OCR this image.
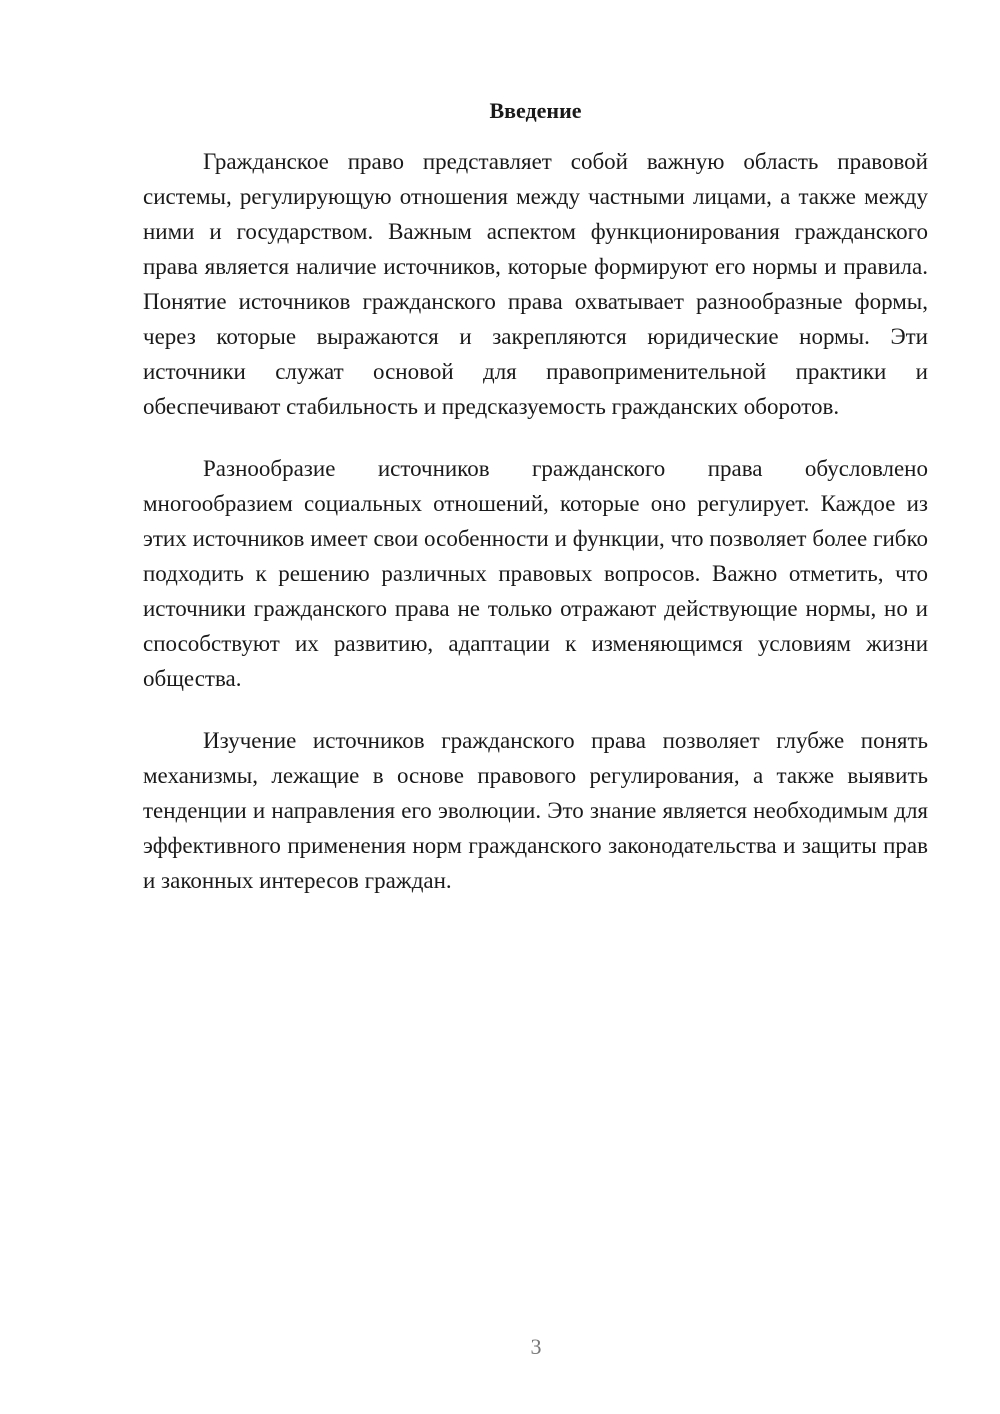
Введение

Гражданское право представляет собой важную область правовой системы, регулирующую отношения между частными лицами, а также между ними и государством. Важным аспектом функционирования гражданского права является наличие источников, которые формируют его нормы и правила. Понятие источников гражданского права охватывает разнообразные формы, через которые выражаются и закрепляются юридические нормы. Эти источники служат основой для правоприменительной практики и обеспечивают стабильность и предсказуемость гражданских оборотов.

Разнообразие источников гражданского права обусловлено многообразием социальных отношений, которые оно регулирует. Каждое из этих источников имеет свои особенности и функции, что позволяет более гибко подходить к решению различных правовых вопросов. Важно отметить, что источники гражданского права не только отражают действующие нормы, но и способствуют их развитию, адаптации к изменяющимся условиям жизни общества.

Изучение источников гражданского права позволяет глубже понять механизмы, лежащие в основе правового регулирования, а также выявить тенденции и направления его эволюции. Это знание является необходимым для эффективного применения норм гражданского законодательства и защиты прав и законных интересов граждан.

3
